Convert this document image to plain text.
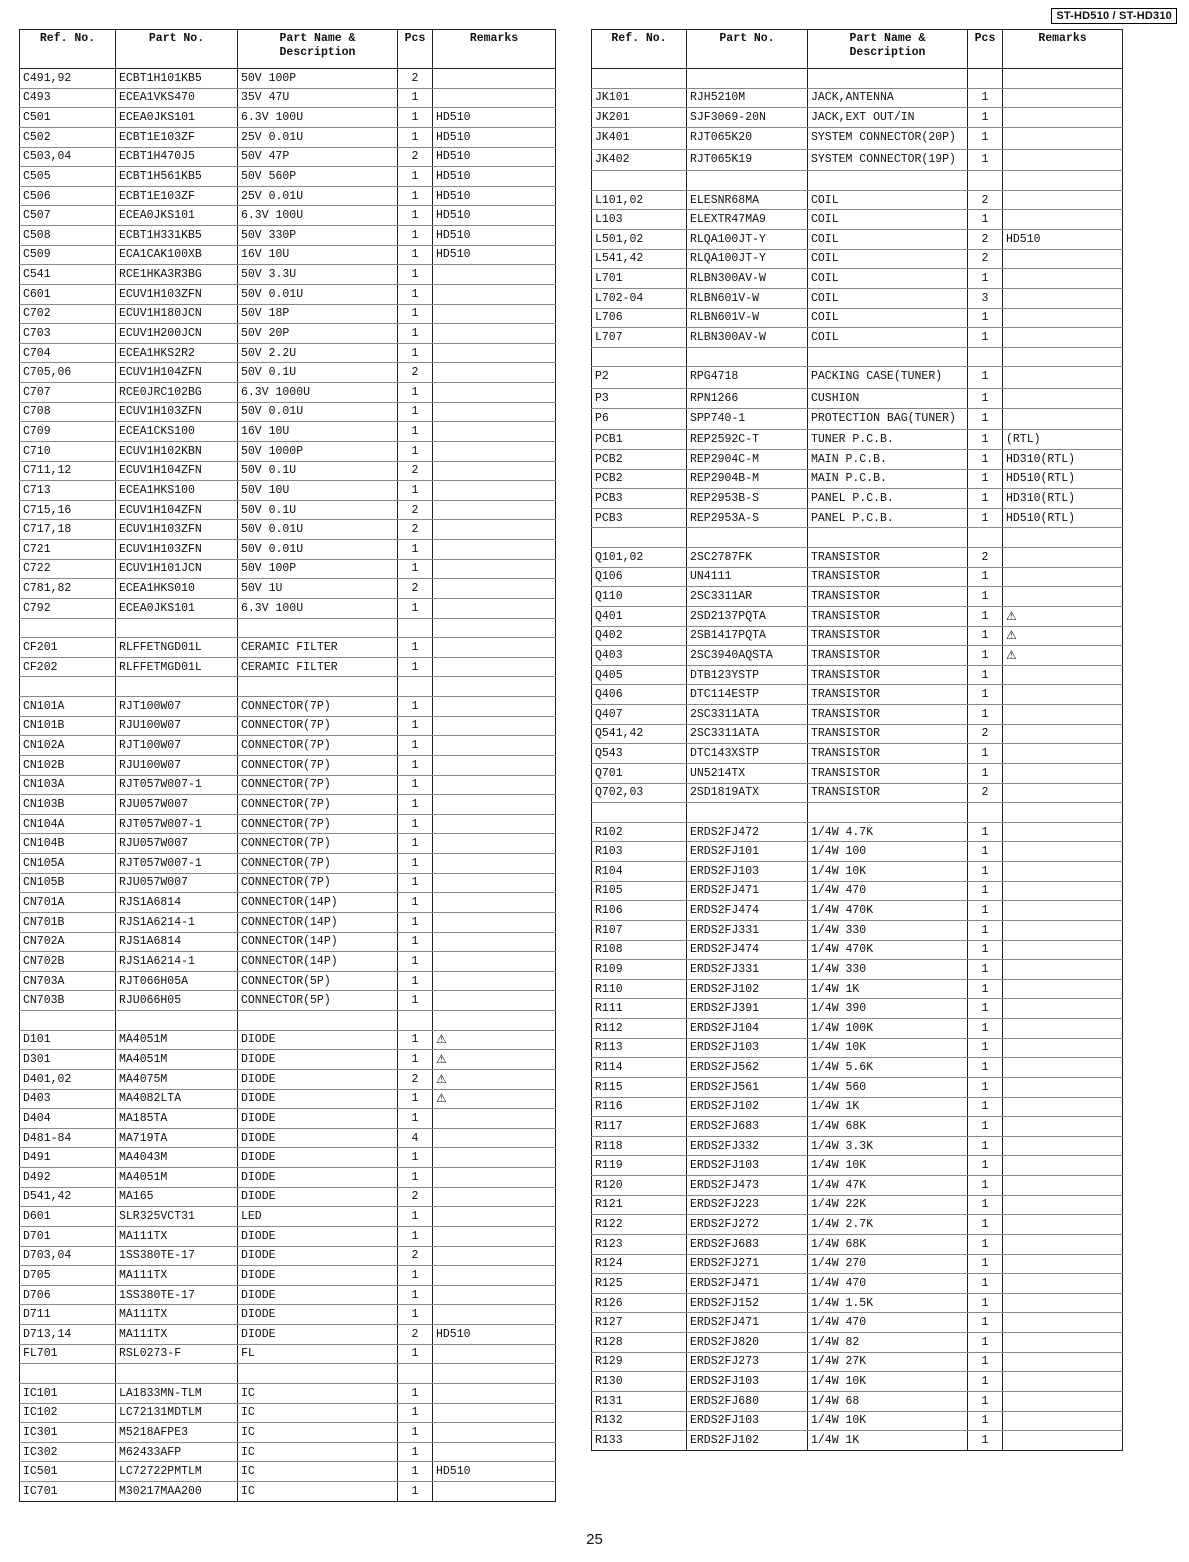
ST-HD510 / ST-HD310
Ref. No.	Part No.	Part Name & Description	Pcs	Remarks
C491,92	ECBT1H101KB5	50V 100P	2	
C493	ECEA1VKS470	35V 47U	1	
C501	ECEA0JKS101	6.3V 100U	1	HD510
C502	ECBT1E103ZF	25V 0.01U	1	HD510
C503,04	ECBT1H470J5	50V 47P	2	HD510
C505	ECBT1H561KB5	50V 560P	1	HD510
C506	ECBT1E103ZF	25V 0.01U	1	HD510
C507	ECEA0JKS101	6.3V 100U	1	HD510
C508	ECBT1H331KB5	50V 330P	1	HD510
C509	ECA1CAK100XB	16V 10U	1	HD510
C541	RCE1HKA3R3BG	50V 3.3U	1	
C601	ECUV1H103ZFN	50V 0.01U	1	
C702	ECUV1H180JCN	50V 18P	1	
C703	ECUV1H200JCN	50V 20P	1	
C704	ECEA1HKS2R2	50V 2.2U	1	
C705,06	ECUV1H104ZFN	50V 0.1U	2	
C707	RCE0JRC102BG	6.3V 1000U	1	
C708	ECUV1H103ZFN	50V 0.01U	1	
C709	ECEA1CKS100	16V 10U	1	
C710	ECUV1H102KBN	50V 1000P	1	
C711,12	ECUV1H104ZFN	50V 0.1U	2	
C713	ECEA1HKS100	50V 10U	1	
C715,16	ECUV1H104ZFN	50V 0.1U	2	
C717,18	ECUV1H103ZFN	50V 0.01U	2	
C721	ECUV1H103ZFN	50V 0.01U	1	
C722	ECUV1H101JCN	50V 100P	1	
C781,82	ECEA1HKS010	50V 1U	2	
C792	ECEA0JKS101	6.3V 100U	1	

CF201	RLFFETNGD01L	CERAMIC FILTER	1	
CF202	RLFFETMGD01L	CERAMIC FILTER	1	

CN101A	RJT100W07	CONNECTOR(7P)	1	
CN101B	RJU100W07	CONNECTOR(7P)	1	
CN102A	RJT100W07	CONNECTOR(7P)	1	
CN102B	RJU100W07	CONNECTOR(7P)	1	
CN103A	RJT057W007-1	CONNECTOR(7P)	1	
CN103B	RJU057W007	CONNECTOR(7P)	1	
CN104A	RJT057W007-1	CONNECTOR(7P)	1	
CN104B	RJU057W007	CONNECTOR(7P)	1	
CN105A	RJT057W007-1	CONNECTOR(7P)	1	
CN105B	RJU057W007	CONNECTOR(7P)	1	
CN701A	RJS1A6814	CONNECTOR(14P)	1	
CN701B	RJS1A6214-1	CONNECTOR(14P)	1	
CN702A	RJS1A6814	CONNECTOR(14P)	1	
CN702B	RJS1A6214-1	CONNECTOR(14P)	1	
CN703A	RJT066H05A	CONNECTOR(5P)	1	
CN703B	RJU066H05	CONNECTOR(5P)	1	

D101	MA4051M	DIODE	1	⚠
D301	MA4051M	DIODE	1	⚠
D401,02	MA4075M	DIODE	2	⚠
D403	MA4082LTA	DIODE	1	⚠
D404	MA185TA	DIODE	1	
D481-84	MA719TA	DIODE	4	
D491	MA4043M	DIODE	1	
D492	MA4051M	DIODE	1	
D541,42	MA165	DIODE	2	
D601	SLR325VCT31	LED	1	
D701	MA111TX	DIODE	1	
D703,04	1SS380TE-17	DIODE	2	
D705	MA111TX	DIODE	1	
D706	1SS380TE-17	DIODE	1	
D711	MA111TX	DIODE	1	
D713,14	MA111TX	DIODE	2	HD510
FL701	RSL0273-F	FL	1	

IC101	LA1833MN-TLM	IC	1	
IC102	LC72131MDTLM	IC	1	
IC301	M5218AFPE3	IC	1	
IC302	M62433AFP	IC	1	
IC501	LC72722PMTLM	IC	1	HD510
IC701	M30217MAA200	IC	1	
Ref. No.	Part No.	Part Name & Description	Pcs	Remarks

JK101	RJH5210M	JACK,ANTENNA	1	
JK201	SJF3069-20N	JACK,EXT OUT/IN	1	
JK401	RJT065K20	SYSTEM CONNECTOR(20P)	1	
JK402	RJT065K19	SYSTEM CONNECTOR(19P)	1	

L101,02	ELESNR68MA	COIL	2	
L103	ELEXTR47MA9	COIL	1	
L501,02	RLQA100JT-Y	COIL	2	HD510
L541,42	RLQA100JT-Y	COIL	2	
L701	RLBN300AV-W	COIL	1	
L702-04	RLBN601V-W	COIL	3	
L706	RLBN601V-W	COIL	1	
L707	RLBN300AV-W	COIL	1	

P2	RPG4718	PACKING CASE(TUNER)	1	
P3	RPN1266	CUSHION	1	
P6	SPP740-1	PROTECTION BAG(TUNER)	1	
PCB1	REP2592C-T	TUNER P.C.B.	1	(RTL)
PCB2	REP2904C-M	MAIN P.C.B.	1	HD310(RTL)
PCB2	REP2904B-M	MAIN P.C.B.	1	HD510(RTL)
PCB3	REP2953B-S	PANEL P.C.B.	1	HD310(RTL)
PCB3	REP2953A-S	PANEL P.C.B.	1	HD510(RTL)

Q101,02	2SC2787FK	TRANSISTOR	2	
Q106	UN4111	TRANSISTOR	1	
Q110	2SC3311AR	TRANSISTOR	1	
Q401	2SD2137PQTA	TRANSISTOR	1	⚠
Q402	2SB1417PQTA	TRANSISTOR	1	⚠
Q403	2SC3940AQSTA	TRANSISTOR	1	⚠
Q405	DTB123YSTP	TRANSISTOR	1	
Q406	DTC114ESTP	TRANSISTOR	1	
Q407	2SC3311ATA	TRANSISTOR	1	
Q541,42	2SC3311ATA	TRANSISTOR	2	
Q543	DTC143XSTP	TRANSISTOR	1	
Q701	UN5214TX	TRANSISTOR	1	
Q702,03	2SD1819ATX	TRANSISTOR	2	

R102	ERDS2FJ472	1/4W 4.7K	1	
R103	ERDS2FJ101	1/4W 100	1	
R104	ERDS2FJ103	1/4W 10K	1	
R105	ERDS2FJ471	1/4W 470	1	
R106	ERDS2FJ474	1/4W 470K	1	
R107	ERDS2FJ331	1/4W 330	1	
R108	ERDS2FJ474	1/4W 470K	1	
R109	ERDS2FJ331	1/4W 330	1	
R110	ERDS2FJ102	1/4W 1K	1	
R111	ERDS2FJ391	1/4W 390	1	
R112	ERDS2FJ104	1/4W 100K	1	
R113	ERDS2FJ103	1/4W 10K	1	
R114	ERDS2FJ562	1/4W 5.6K	1	
R115	ERDS2FJ561	1/4W 560	1	
R116	ERDS2FJ102	1/4W 1K	1	
R117	ERDS2FJ683	1/4W 68K	1	
R118	ERDS2FJ332	1/4W 3.3K	1	
R119	ERDS2FJ103	1/4W 10K	1	
R120	ERDS2FJ473	1/4W 47K	1	
R121	ERDS2FJ223	1/4W 22K	1	
R122	ERDS2FJ272	1/4W 2.7K	1	
R123	ERDS2FJ683	1/4W 68K	1	
R124	ERDS2FJ271	1/4W 270	1	
R125	ERDS2FJ471	1/4W 470	1	
R126	ERDS2FJ152	1/4W 1.5K	1	
R127	ERDS2FJ471	1/4W 470	1	
R128	ERDS2FJ820	1/4W 82	1	
R129	ERDS2FJ273	1/4W 27K	1	
R130	ERDS2FJ103	1/4W 10K	1	
R131	ERDS2FJ680	1/4W 68	1	
R132	ERDS2FJ103	1/4W 10K	1	
R133	ERDS2FJ102	1/4W 1K	1	
25
